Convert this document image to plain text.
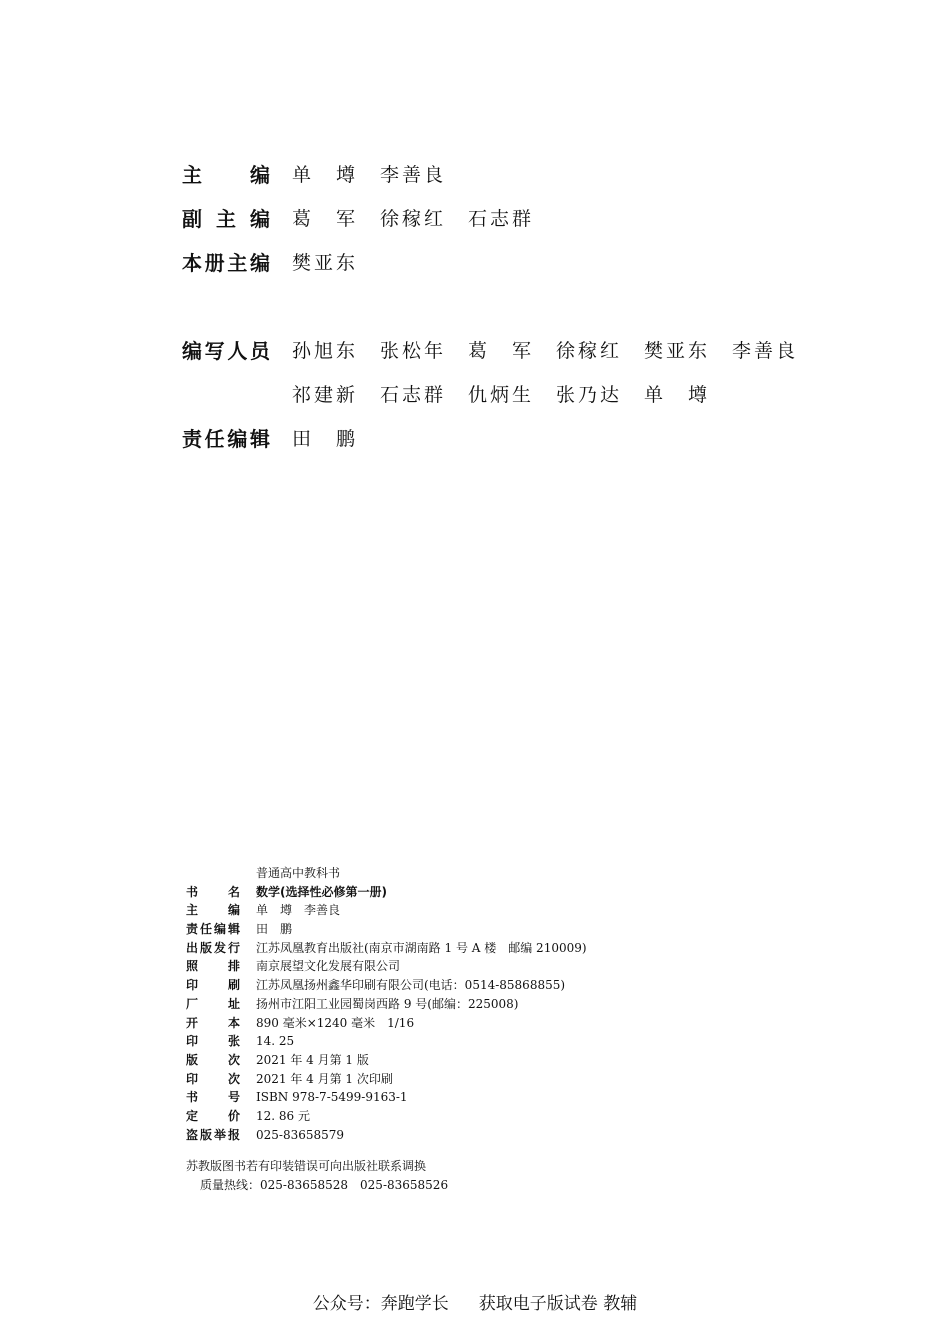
主 编 单　墫　李善良
副 主 编 葛　军　徐稼红　石志群
本 册 主 编 樊亚东
编 写 人 员 孙旭东　张松年　葛　军　徐稼红　樊亚东　李善良
祁建新　石志群　仇炳生　张乃达　单　墫
责 任 编 辑 田　鹏
普通高中教科书
书 名 数学(选择性必修第一册)
主 编 单　墫　李善良
责 任 编 辑 田　鹏
出 版 发 行 江苏凤凰教育出版社(南京市湖南路 1 号 A 楼　邮编 210009)
照 排 南京展望文化发展有限公司
印 刷 江苏凤凰扬州鑫华印刷有限公司(电话：0514-85868855)
厂 址 扬州市江阳工业园蜀岗西路 9 号(邮编：225008)
开 本 890 毫米×1240 毫米　1/16
印 张 14. 25
版 次 2021 年 4 月第 1 版
印 次 2021 年 4 月第 1 次印刷
书 号 ISBN 978-7-5499-9163-1
定 价 12. 86 元
盗 版 举 报 025-83658579
苏教版图书若有印装错误可向出版社联系调换
质量热线：025-83658528　025-83658526
公众号：奔跑学长 获取电子版试卷 教辅
